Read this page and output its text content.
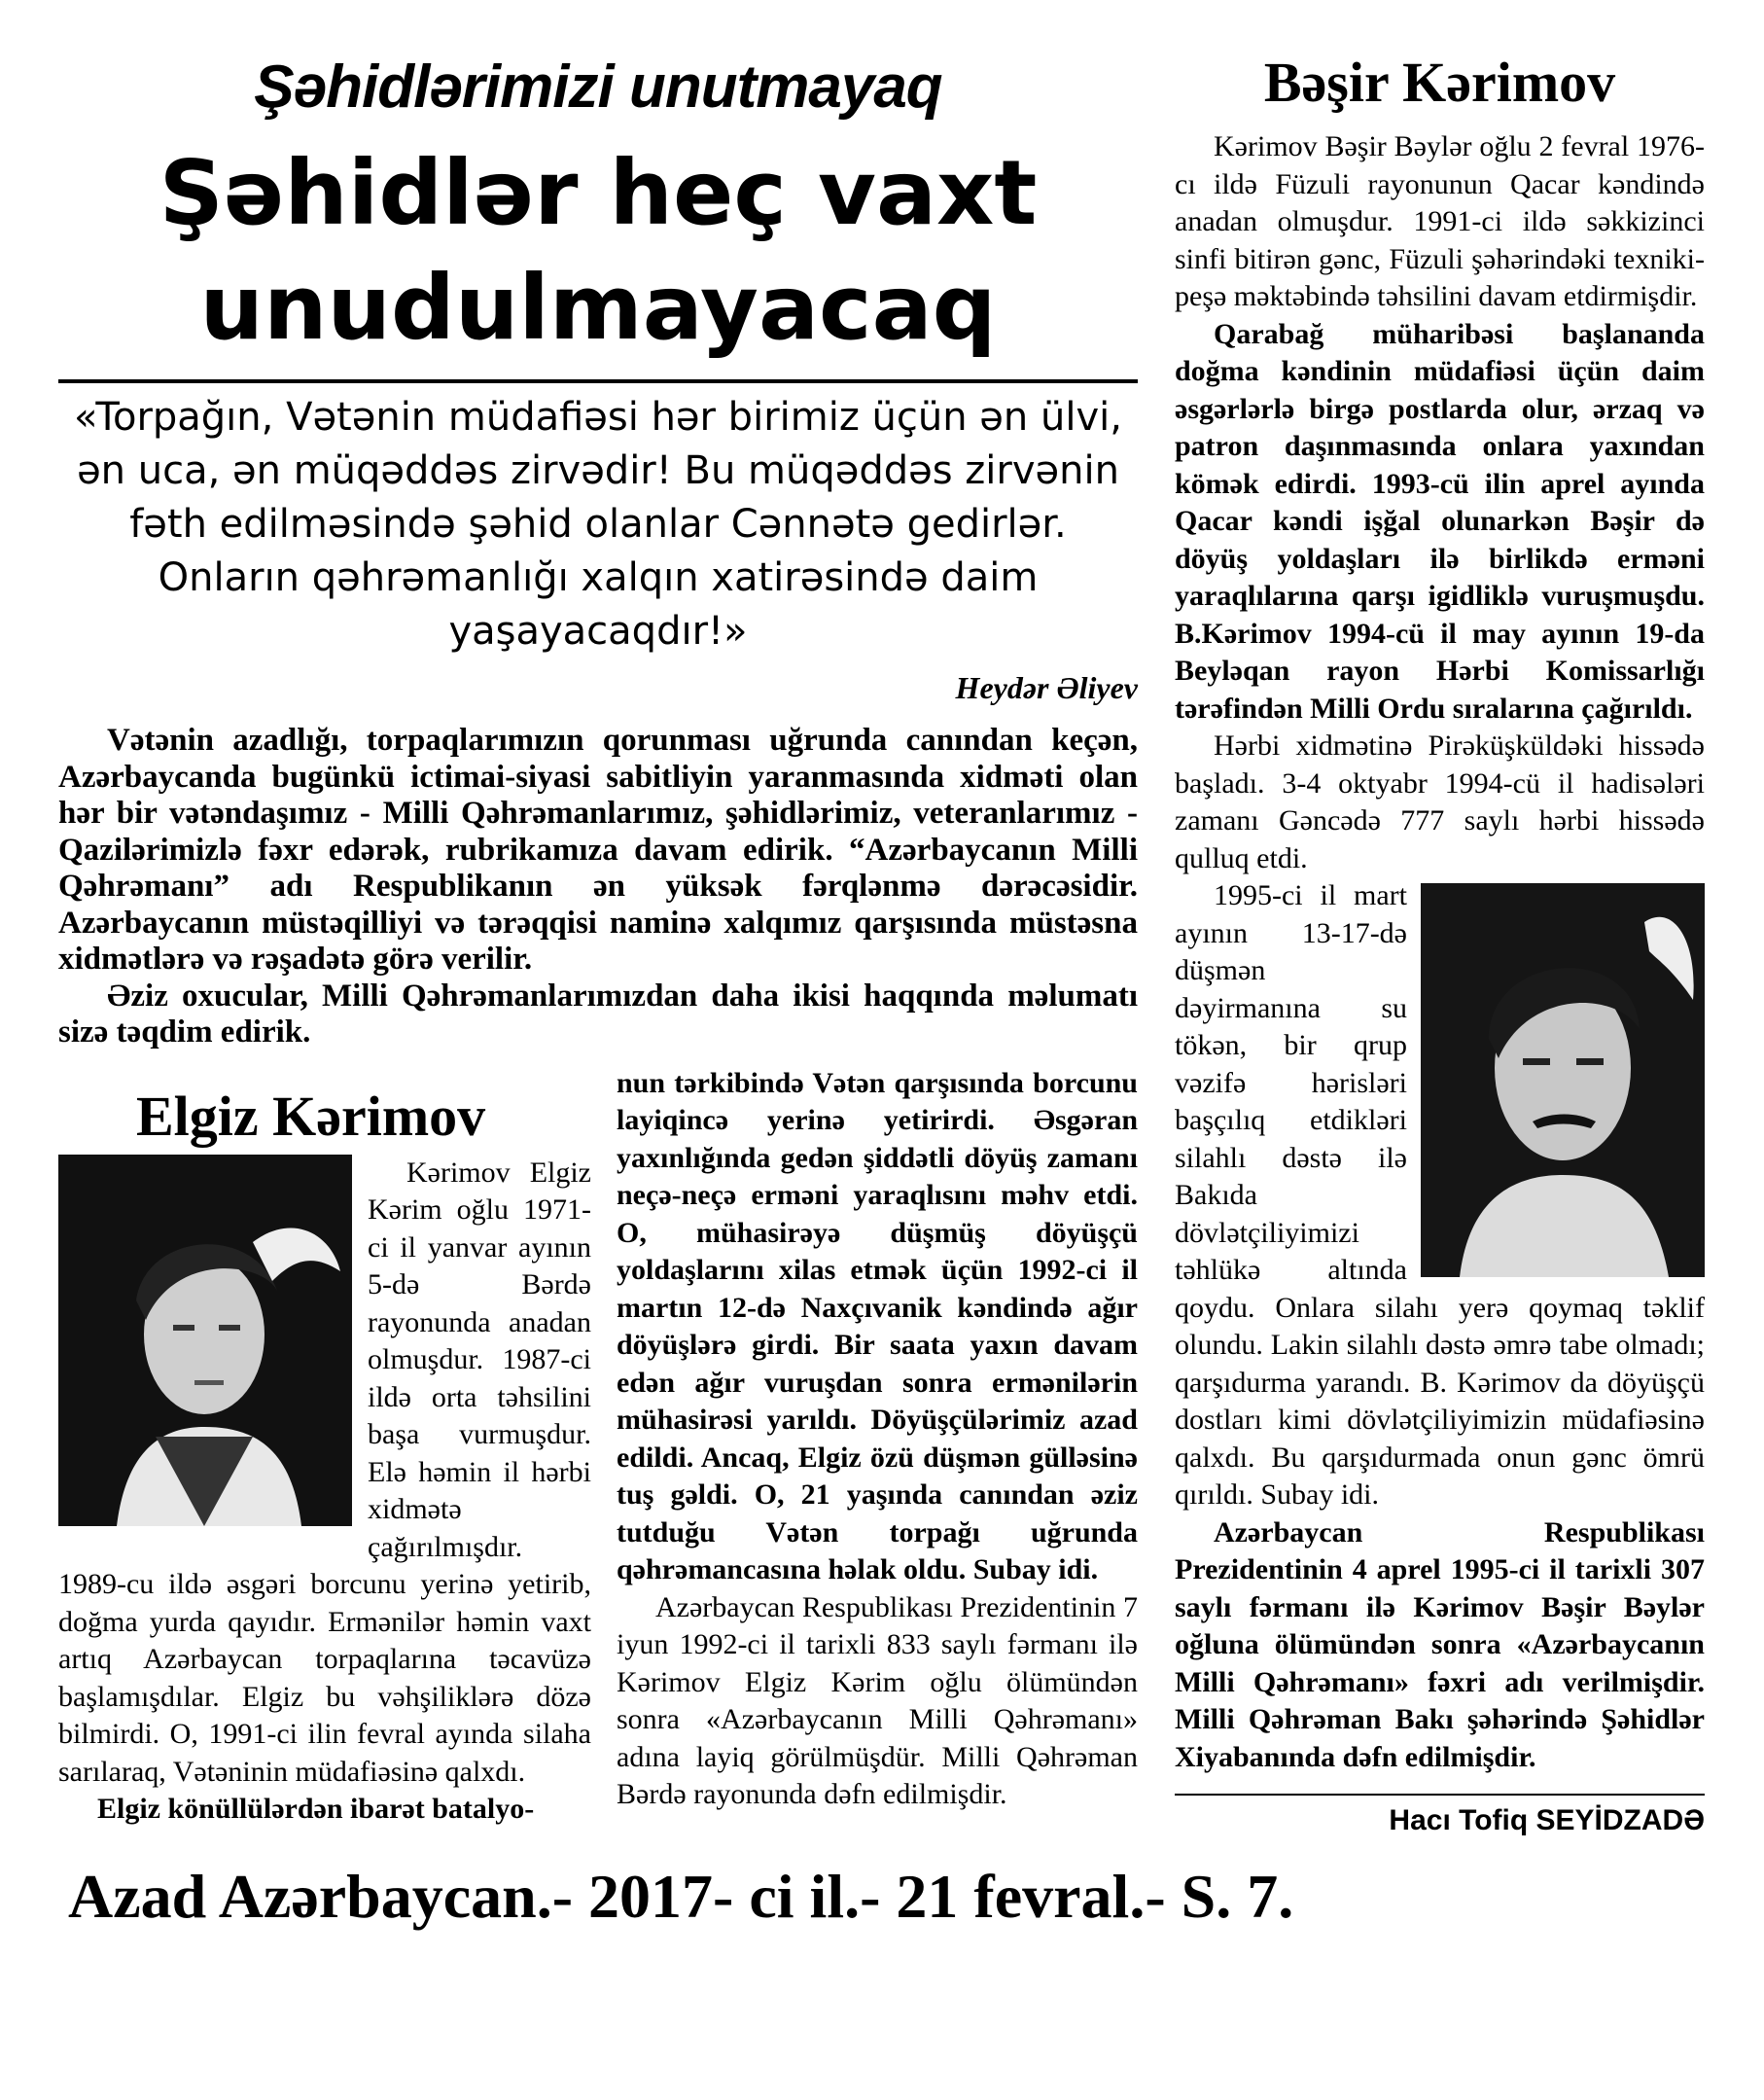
Şəhidlərimizi unutmayaq
Şəhidlər heç vaxt
unudulmayacaq
«Torpağın, Vətənin müdafiəsi hər birimiz üçün ən ülvi, ən uca, ən müqəddəs zirvədir! Bu müqəddəs zirvənin fəth edilməsində şəhid olanlar Cənnətə gedirlər. Onların qəhrəmanlığı xalqın xatirəsində daim yaşayacaqdır!»
Heydər Əliyev

Vətənin azadlığı, torpaqlarımızın qorunması uğrunda canından keçən, Azərbaycanda bugünkü ictimai-siyasi sabitliyin yaranmasında xidməti olan hər bir vətəndaşımız - Milli Qəhrəmanlarımız, şəhidlərimiz, veteranlarımız - Qazilərimizlə fəxr edərək, rubrikamıza davam edirik. “Azərbaycanın Milli Qəhrəmanı” adı Respublikanın ən yüksək fərqlənmə dərəcəsidir. Azərbaycanın müstəqilliyi və tərəqqisi naminə xalqımız qarşısında müstəsna xidmətlərə və rəşadətə görə verilir.

Əziz oxucular, Milli Qəhrəmanlarımızdan daha ikisi haqqında məlumatı sizə təqdim edirik.

Elgiz Kərimov

Kərimov Elgiz Kərim oğlu 1971-ci il yanvar ayının 5-də Bərdə rayonunda anadan olmuşdur. 1987-ci ildə orta təhsilini başa vurmuşdur. Elə həmin il hərbi xidmətə çağırılmışdır. 1989-cu ildə əsgəri borcunu yerinə yetirib, doğma yurda qayıdır. Ermənilər həmin vaxt artıq Azərbaycan torpaqlarına təcavüzə başlamışdılar. Elgiz bu vəhşiliklərə dözə bilmirdi. O, 1991-ci ilin fevral ayında silaha sarılaraq, Vətəninin müdafiəsinə qalxdı.

Elgiz könüllülərdən ibarət batalyo-

nun tərkibində Vətən qarşısında borcunu layiqincə yerinə yetirirdi. Əsgəran yaxınlığında gedən şiddətli döyüş zamanı neçə-neçə erməni yaraqlısını məhv etdi. O, mühasirəyə düşmüş döyüşçü yoldaşlarını xilas etmək üçün 1992-ci il martın 12-də Naxçıvanik kəndində ağır döyüşlərə girdi. Bir saata yaxın davam edən ağır vuruşdan sonra ermənilərin mühasirəsi yarıldı. Döyüşçülərimiz azad edildi. Ancaq, Elgiz özü düşmən gülləsinə tuş gəldi. O, 21 yaşında canından əziz tutduğu Vətən torpağı uğrunda qəhrəmancasına həlak oldu. Subay idi.

Azərbaycan Respublikası Prezidentinin 7 iyun 1992-ci il tarixli 833 saylı fərmanı ilə Kərimov Elgiz Kərim oğlu ölümündən sonra «Azərbaycanın Milli Qəhrəmanı» adına layiq görülmüşdür. Milli Qəhrəman Bərdə rayonunda dəfn edilmişdir.

Bəşir Kərimov

Kərimov Bəşir Bəylər oğlu 2 fevral 1976-cı ildə Füzuli rayonunun Qacar kəndində anadan olmuşdur. 1991-ci ildə səkkizinci sinfi bitirən gənc, Füzuli şəhərindəki texniki-peşə məktəbində təhsilini davam etdirmişdir.

Qarabağ müharibəsi başlananda doğma kəndinin müdafiəsi üçün daim əsgərlərlə birgə postlarda olur, ərzaq və patron daşınmasında onlara yaxından kömək edirdi. 1993-cü ilin aprel ayında Qacar kəndi işğal olunarkən Bəşir də döyüş yoldaşları ilə birlikdə erməni yaraqlılarına qarşı igidliklə vuruşmuşdu. B.Kərimov 1994-cü il may ayının 19-da Beyləqan rayon Hərbi Komissarlığı tərəfindən Milli Ordu sıralarına çağırıldı.

Hərbi xidmətinə Pirəküşküldəki hissədə başladı. 3-4 oktyabr 1994-cü il hadisələri zamanı Gəncədə 777 saylı hərbi hissədə qulluq etdi.

1995-ci il mart ayının 13-17-də düşmən dəyirmanına su tökən, bir qrup vəzifə hərisləri başçılıq etdikləri silahlı dəstə ilə Bakıda dövlətçiliyimizi təhlükə altında qoydu. Onlara silahı yerə qoymaq təklif olundu. Lakin silahlı dəstə əmrə tabe olmadı; qarşıdurma yarandı. B. Kərimov da döyüşçü dostları kimi dövlətçiliyimizin müdafiəsinə qalxdı. Bu qarşıdurmada onun gənc ömrü qırıldı. Subay idi.

Azərbaycan Respublikası Prezidentinin 4 aprel 1995-ci il tarixli 307 saylı fərmanı ilə Kərimov Bəşir Bəylər oğluna ölümündən sonra «Azərbaycanın Milli Qəhrəmanı» fəxri adı verilmişdir. Milli Qəhrəman Bakı şəhərində Şəhidlər Xiyabanında dəfn edilmişdir.

Hacı Tofiq SEYİDZADƏ
Azad Azərbaycan.- 2017- ci il.- 21 fevral.- S. 7.
